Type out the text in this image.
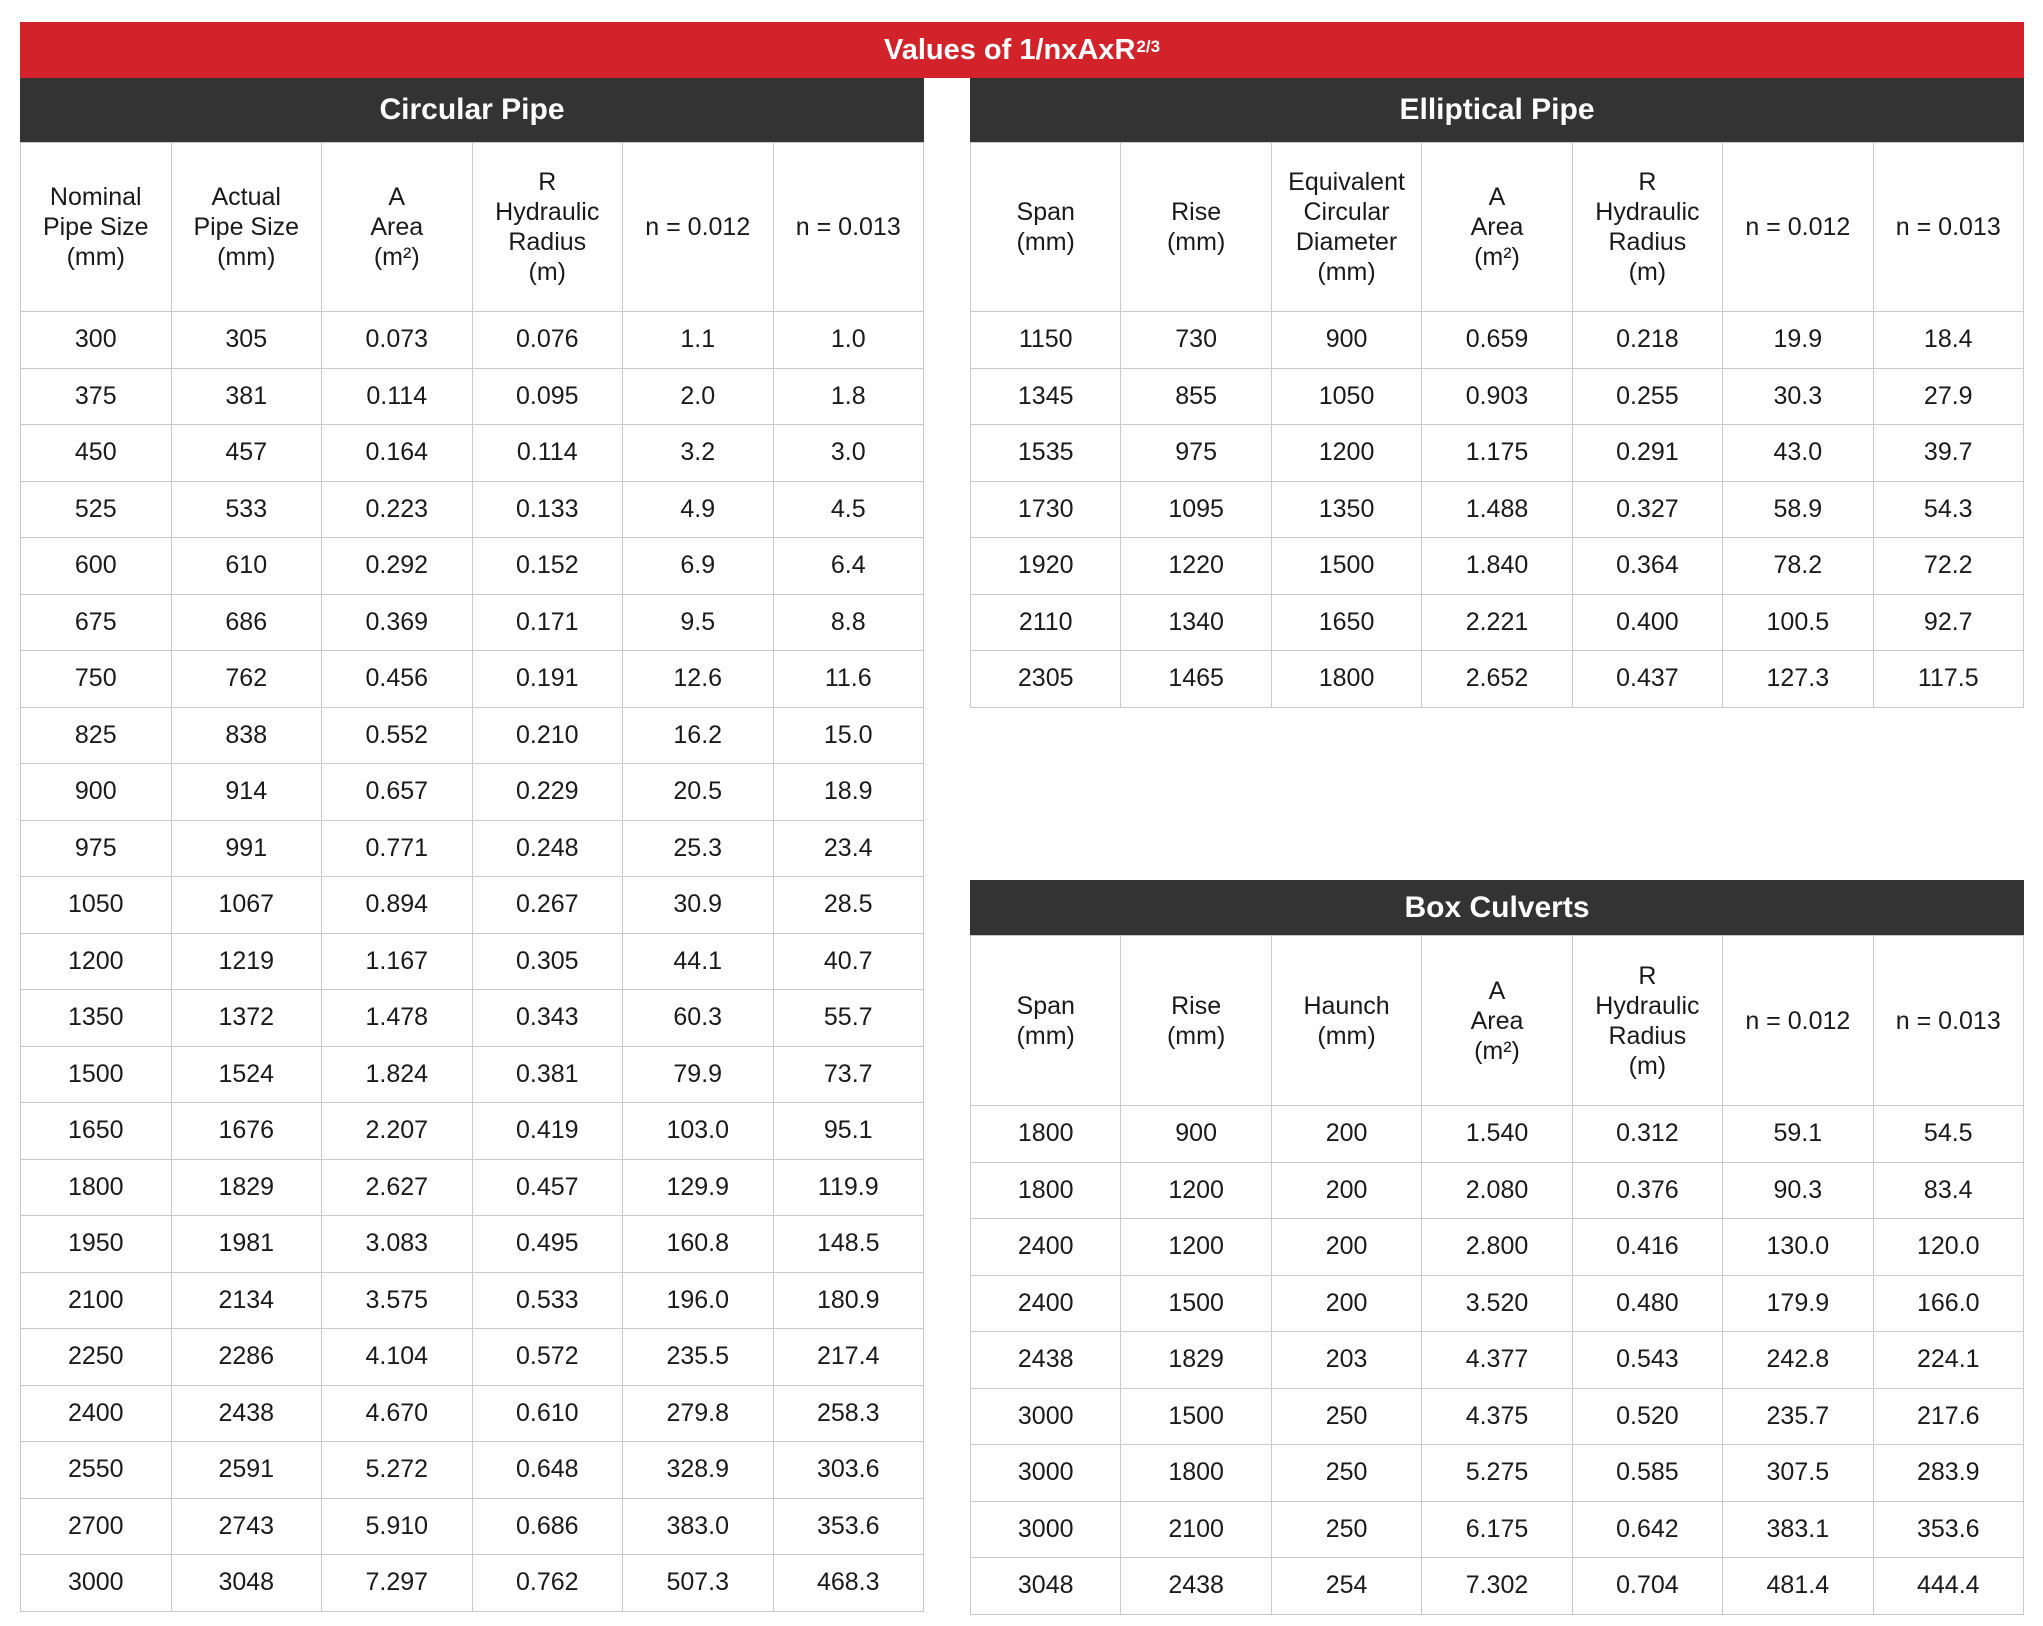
Values of 1/nxAxR$^{2/3}$
Circular Pipe
Nominal
Pipe Size
(mm)	Actual
Pipe Size
(mm)	A
Area
(m²)	R
Hydraulic
Radius
(m)	n = 0.012	n = 0.013

300	305	0.073	0.076	1.1	1.0
375	381	0.114	0.095	2.0	1.8
450	457	0.164	0.114	3.2	3.0
525	533	0.223	0.133	4.9	4.5
600	610	0.292	0.152	6.9	6.4
675	686	0.369	0.171	9.5	8.8
750	762	0.456	0.191	12.6	11.6
825	838	0.552	0.210	16.2	15.0
900	914	0.657	0.229	20.5	18.9
975	991	0.771	0.248	25.3	23.4
1050	1067	0.894	0.267	30.9	28.5
1200	1219	1.167	0.305	44.1	40.7
1350	1372	1.478	0.343	60.3	55.7
1500	1524	1.824	0.381	79.9	73.7
1650	1676	2.207	0.419	103.0	95.1
1800	1829	2.627	0.457	129.9	119.9
1950	1981	3.083	0.495	160.8	148.5
2100	2134	3.575	0.533	196.0	180.9
2250	2286	4.104	0.572	235.5	217.4
2400	2438	4.670	0.610	279.8	258.3
2550	2591	5.272	0.648	328.9	303.6
2700	2743	5.910	0.686	383.0	353.6
3000	3048	7.297	0.762	507.3	468.3
Elliptical Pipe
Span
(mm)	Rise
(mm)	Equivalent
Circular
Diameter
(mm)	A
Area
(m²)	R
Hydraulic
Radius
(m)	n = 0.012	n = 0.013

1150	730	900	0.659	0.218	19.9	18.4
1345	855	1050	0.903	0.255	30.3	27.9
1535	975	1200	1.175	0.291	43.0	39.7
1730	1095	1350	1.488	0.327	58.9	54.3
1920	1220	1500	1.840	0.364	78.2	72.2
2110	1340	1650	2.221	0.400	100.5	92.7
2305	1465	1800	2.652	0.437	127.3	117.5
Box Culverts
Span
(mm)	Rise
(mm)	Haunch
(mm)	A
Area
(m²)	R
Hydraulic
Radius
(m)	n = 0.012	n = 0.013

1800	900	200	1.540	0.312	59.1	54.5
1800	1200	200	2.080	0.376	90.3	83.4
2400	1200	200	2.800	0.416	130.0	120.0
2400	1500	200	3.520	0.480	179.9	166.0
2438	1829	203	4.377	0.543	242.8	224.1
3000	1500	250	4.375	0.520	235.7	217.6
3000	1800	250	5.275	0.585	307.5	283.9
3000	2100	250	6.175	0.642	383.1	353.6
3048	2438	254	7.302	0.704	481.4	444.4
